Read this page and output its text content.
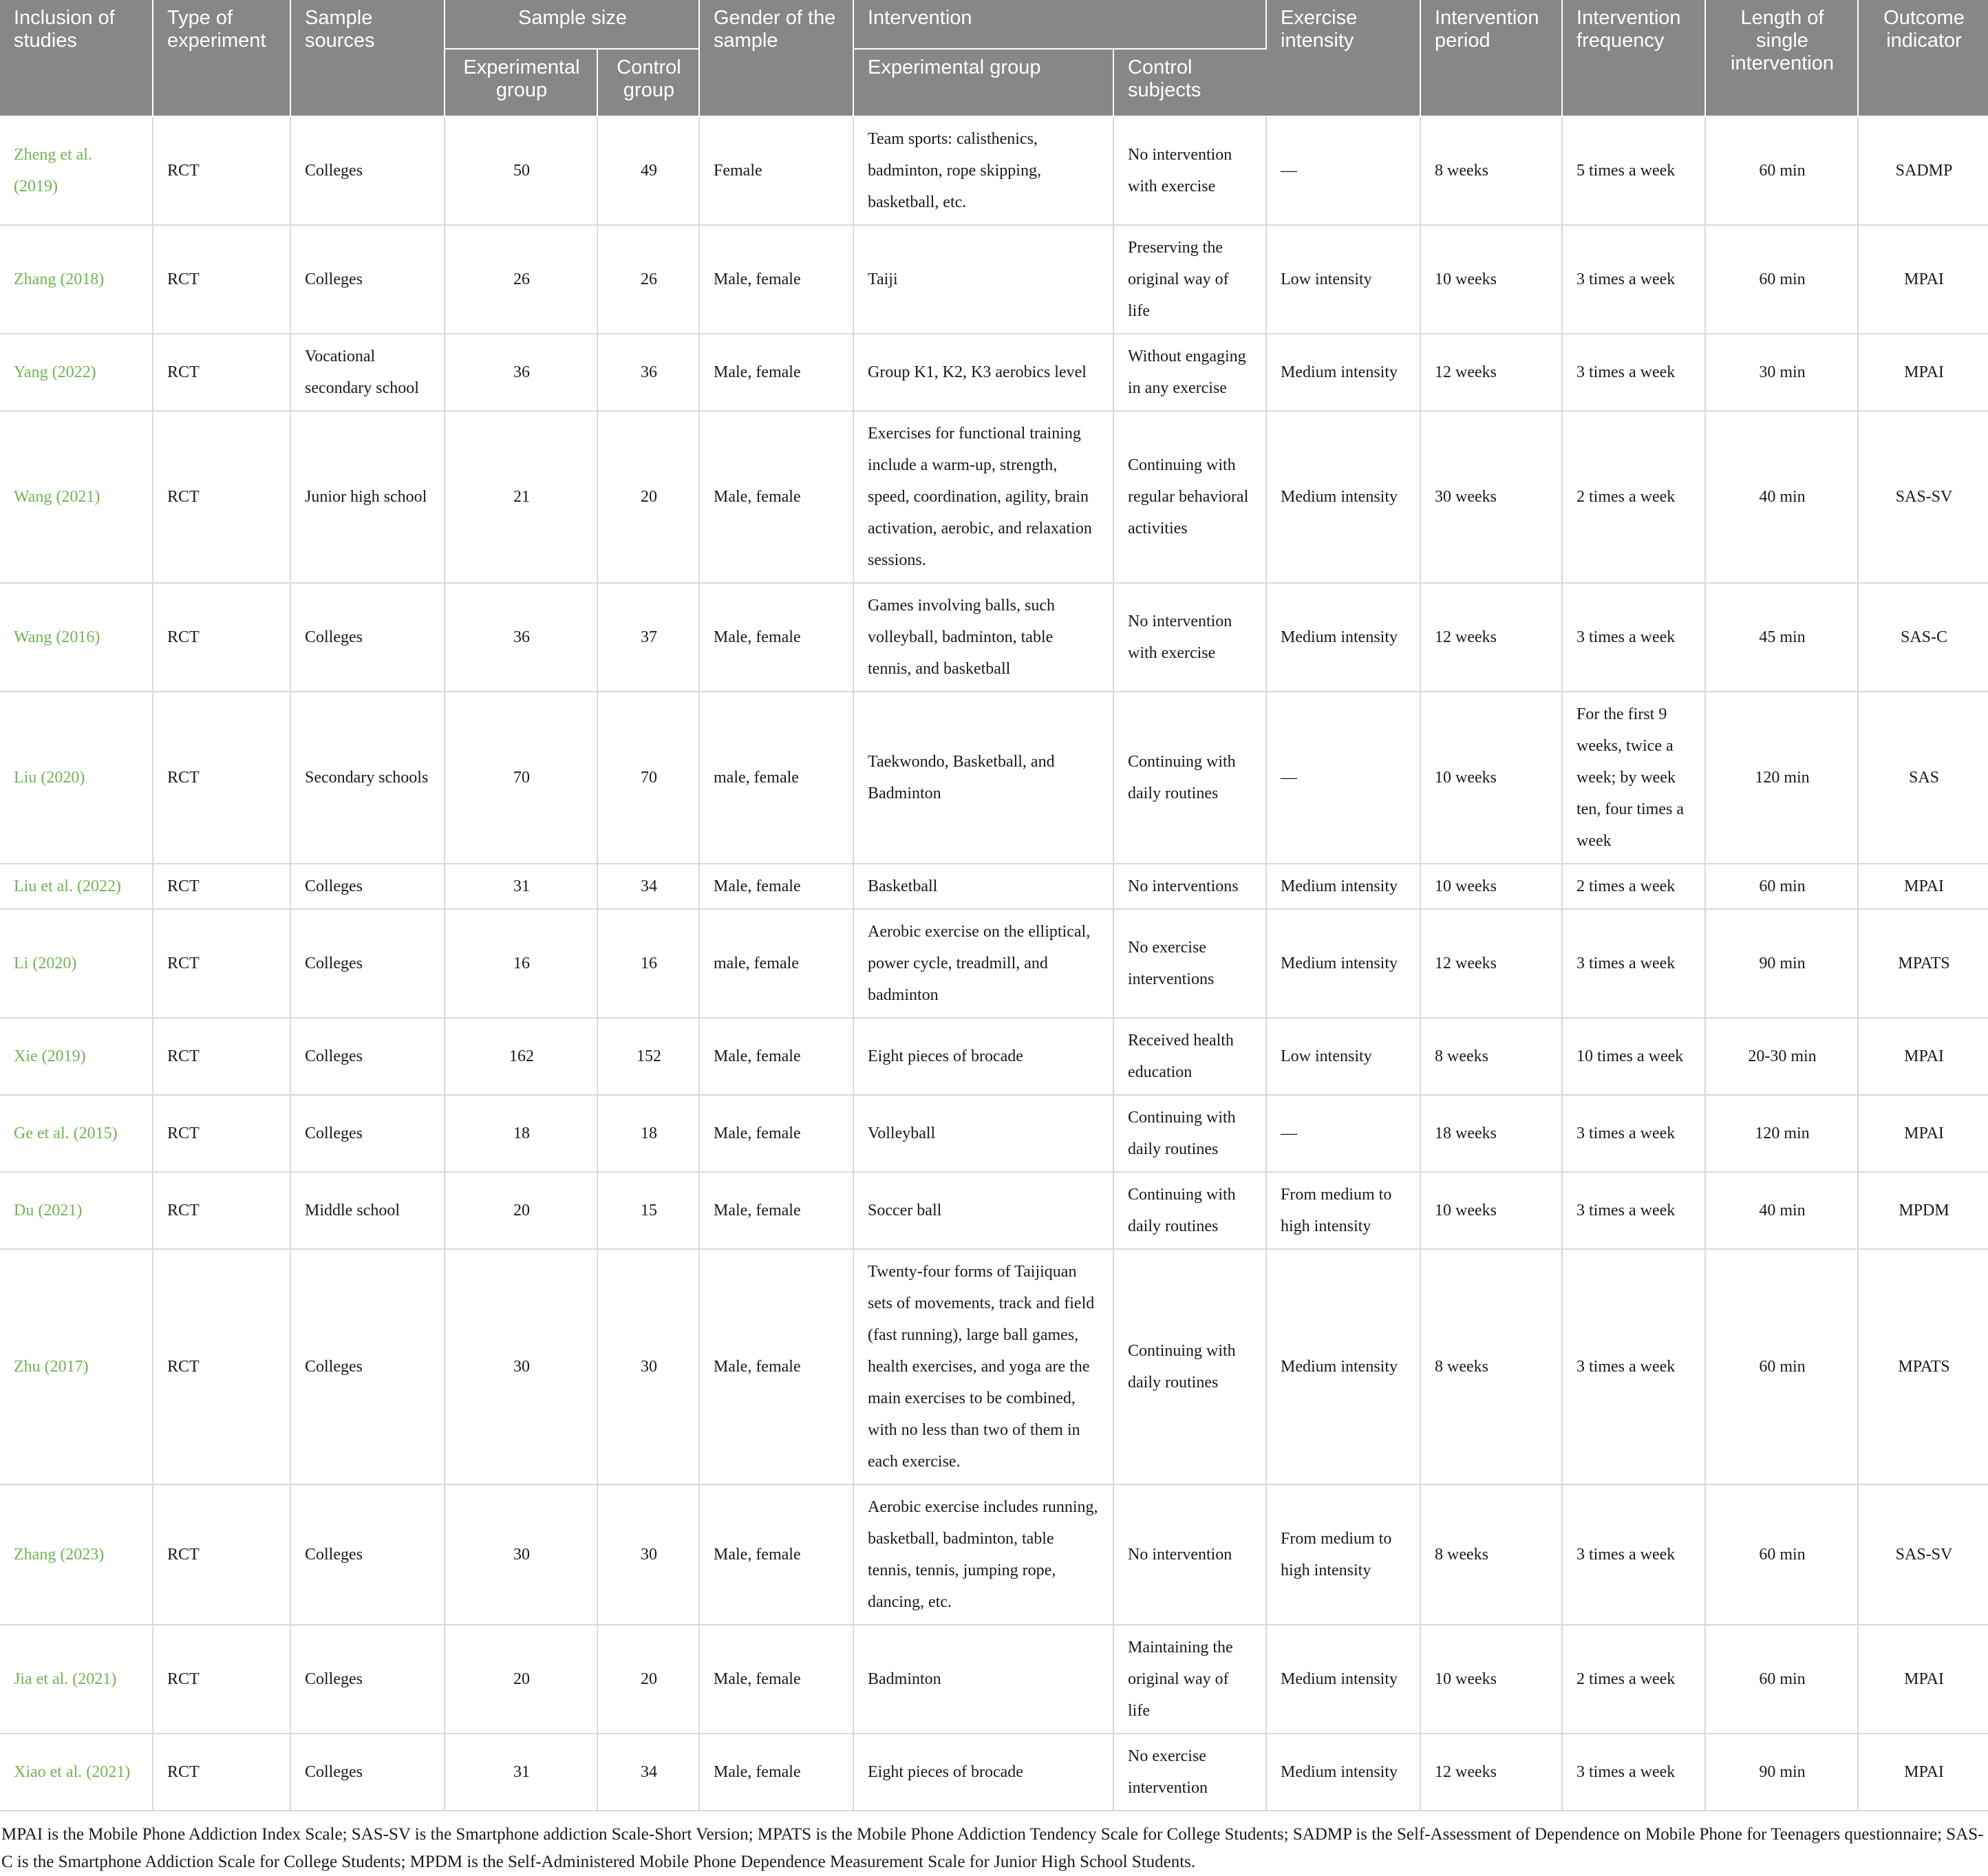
Inclusion of studies	Type of experiment	Sample sources	Sample size		Gender of the sample	Intervention		Exercise intensity	Intervention period	Intervention frequency	Length of single intervention	Outcome indicator
			Experimental group	Control group		Experimental group	Control subjects					
Zheng et al. (2019)	RCT	Colleges	50	49	Female	Team sports: calisthenics, badminton, rope skipping, basketball, etc.	No intervention with exercise	—	8 weeks	5 times a week	60 min	SADMP
Zhang (2018)	RCT	Colleges	26	26	Male, female	Taiji	Preserving the original way of life	Low intensity	10 weeks	3 times a week	60 min	MPAI
Yang (2022)	RCT	Vocational secondary school	36	36	Male, female	Group K1, K2, K3 aerobics level	Without engaging in any exercise	Medium intensity	12 weeks	3 times a week	30 min	MPAI
Wang (2021)	RCT	Junior high school	21	20	Male, female	Exercises for functional training include a warm-up, strength, speed, coordination, agility, brain activation, aerobic, and relaxation sessions.	Continuing with regular behavioral activities	Medium intensity	30 weeks	2 times a week	40 min	SAS-SV
Wang (2016)	RCT	Colleges	36	37	Male, female	Games involving balls, such volleyball, badminton, table tennis, and basketball	No intervention with exercise	Medium intensity	12 weeks	3 times a week	45 min	SAS-C
Liu (2020)	RCT	Secondary schools	70	70	male, female	Taekwondo, Basketball, and Badminton	Continuing with daily routines	—	10 weeks	For the first 9 weeks, twice a week; by week ten, four times a week	120 min	SAS
Liu et al. (2022)	RCT	Colleges	31	34	Male, female	Basketball	No interventions	Medium intensity	10 weeks	2 times a week	60 min	MPAI
Li (2020)	RCT	Colleges	16	16	male, female	Aerobic exercise on the elliptical, power cycle, treadmill, and badminton	No exercise interventions	Medium intensity	12 weeks	3 times a week	90 min	MPATS
Xie (2019)	RCT	Colleges	162	152	Male, female	Eight pieces of brocade	Received health education	Low intensity	8 weeks	10 times a week	20-30 min	MPAI
Ge et al. (2015)	RCT	Colleges	18	18	Male, female	Volleyball	Continuing with daily routines	—	18 weeks	3 times a week	120 min	MPAI
Du (2021)	RCT	Middle school	20	15	Male, female	Soccer ball	Continuing with daily routines	From medium to high intensity	10 weeks	3 times a week	40 min	MPDM
Zhu (2017)	RCT	Colleges	30	30	Male, female	Twenty-four forms of Taijiquan sets of movements, track and field (fast running), large ball games, health exercises, and yoga are the main exercises to be combined, with no less than two of them in each exercise.	Continuing with daily routines	Medium intensity	8 weeks	3 times a week	60 min	MPATS
Zhang (2023)	RCT	Colleges	30	30	Male, female	Aerobic exercise includes running, basketball, badminton, table tennis, tennis, jumping rope, dancing, etc.	No intervention	From medium to high intensity	8 weeks	3 times a week	60 min	SAS-SV
Jia et al. (2021)	RCT	Colleges	20	20	Male, female	Badminton	Maintaining the original way of life	Medium intensity	10 weeks	2 times a week	60 min	MPAI
Xiao et al. (2021)	RCT	Colleges	31	34	Male, female	Eight pieces of brocade	No exercise intervention	Medium intensity	12 weeks	3 times a week	90 min	MPAI
MPAI is the Mobile Phone Addiction Index Scale; SAS-SV is the Smartphone addiction Scale-Short Version; MPATS is the Mobile Phone Addiction Tendency Scale for College Students; SADMP is the Self-Assessment of Dependence on Mobile Phone for Teenagers questionnaire; SAS-C is the Smartphone Addiction Scale for College Students; MPDM is the Self-Administered Mobile Phone Dependence Measurement Scale for Junior High School Students.
